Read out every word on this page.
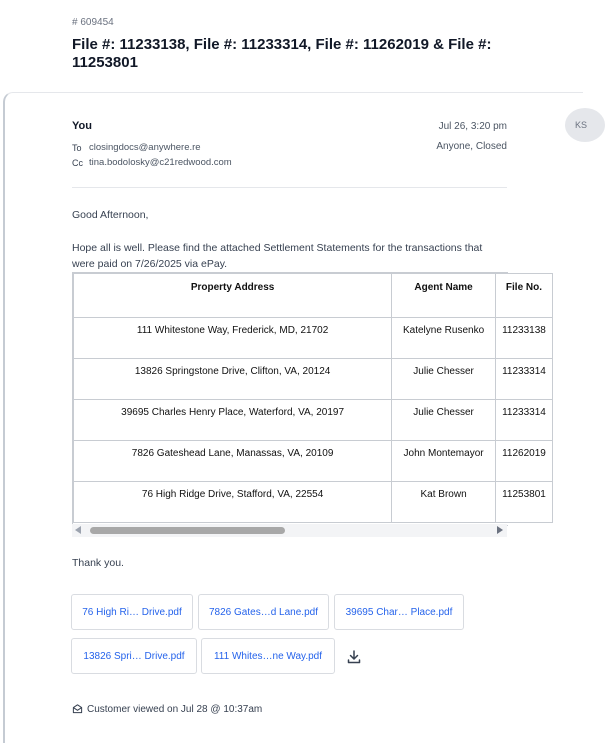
# 609454
File #: 11233138, File #: 11233314, File #: 11262019 & File #: 11253801
KS
You	Jul 26, 3:20 pm
Anyone, Closed
To closingdocs@anywhere.re
Cc tina.bodolosky@c21redwood.com
Good Afternoon,
Hope all is well. Please find the attached Settlement Statements for the transactions that were paid on 7/26/2025 via ePay.
Property Address	Agent Name	File No.
111 Whitestone Way, Frederick, MD, 21702	Katelyne Rusenko	11233138
13826 Springstone Drive, Clifton, VA, 20124	Julie Chesser	11233314
39695 Charles Henry Place, Waterford, VA, 20197	Julie Chesser	11233314
7826 Gateshead Lane, Manassas, VA, 20109	John Montemayor	11262019
76 High Ridge Drive, Stafford, VA, 22554	Kat Brown	11253801
Thank you.
76 High Ri… Drive.pdf	7826 Gates…d Lane.pdf	39695 Char… Place.pdf
13826 Spri… Drive.pdf	111 Whites…ne Way.pdf
Customer viewed on Jul 28 @ 10:37am
